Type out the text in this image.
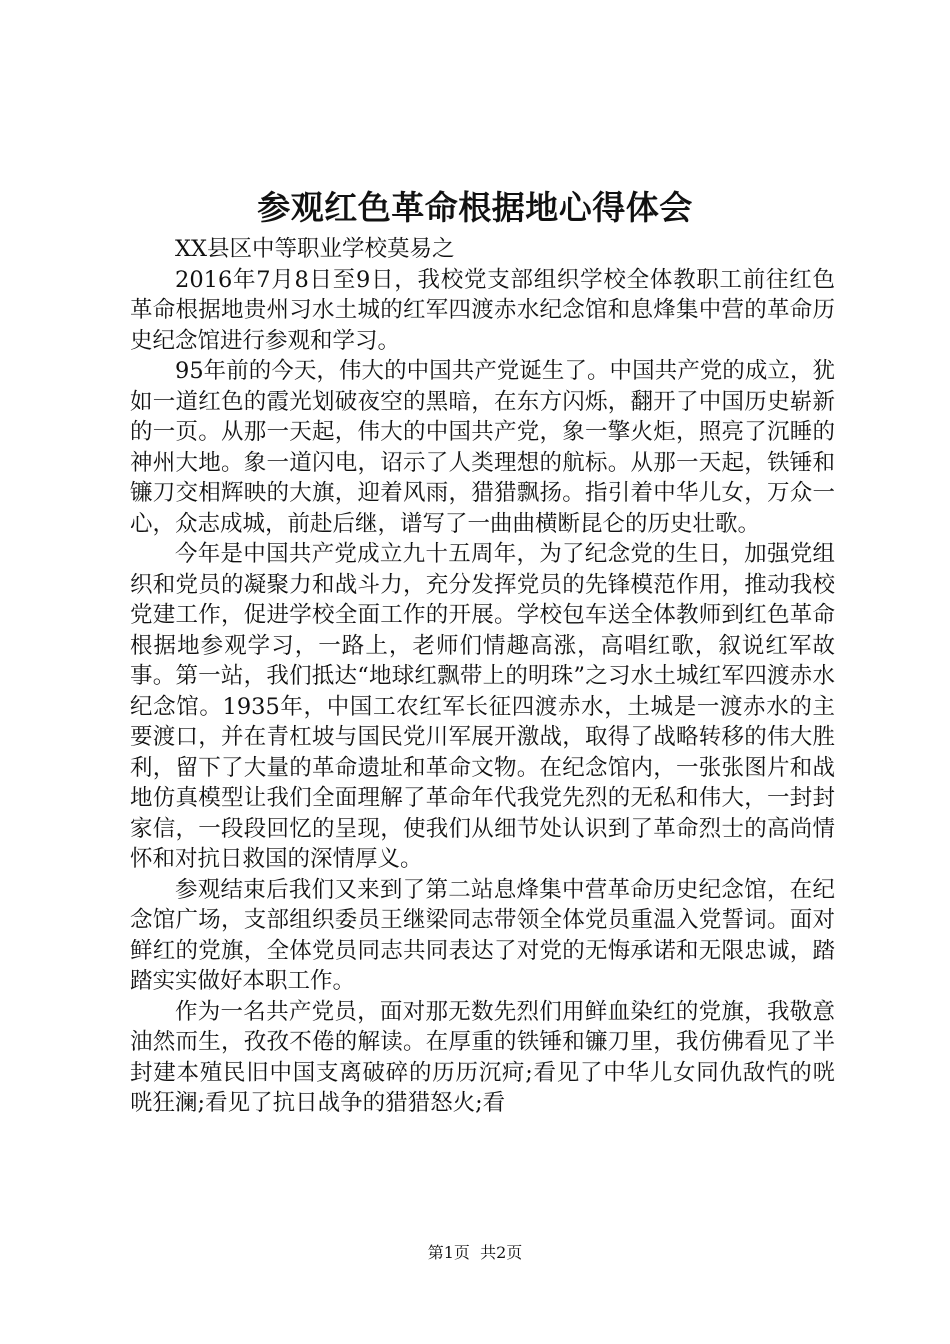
参观红色革命根据地心得体会

XX县区中等职业学校莫易之

2016年7月8日至9日，我校党支部组织学校全体教职工前往红色革命根据地贵州习水土城的红军四渡赤水纪念馆和息烽集中营的革命历史纪念馆进行参观和学习。

95年前的今天，伟大的中国共产党诞生了。中国共产党的成立，犹如一道红色的霞光划破夜空的黑暗，在东方闪烁，翻开了中国历史崭新的一页。从那一天起，伟大的中国共产党，象一擎火炬，照亮了沉睡的神州大地。象一道闪电，诏示了人类理想的航标。从那一天起，铁锤和镰刀交相辉映的大旗，迎着风雨，猎猎飘扬。指引着中华儿女，万众一心，众志成城，前赴后继，谱写了一曲曲横断昆仑的历史壮歌。

今年是中国共产党成立九十五周年，为了纪念党的生日，加强党组织和党员的凝聚力和战斗力，充分发挥党员的先锋模范作用，推动我校党建工作，促进学校全面工作的开展。学校包车送全体教师到红色革命根据地参观学习，一路上，老师们情趣高涨，高唱红歌，叙说红军故事。第一站，我们抵达“地球红飘带上的明珠”之习水土城红军四渡赤水纪念馆。1935年，中国工农红军长征四渡赤水，土城是一渡赤水的主要渡口，并在青杠坡与国民党川军展开激战，取得了战略转移的伟大胜利，留下了大量的革命遗址和革命文物。在纪念馆内，一张张图片和战地仿真模型让我们全面理解了革命年代我党先烈的无私和伟大，一封封家信，一段段回忆的呈现，使我们从细节处认识到了革命烈士的高尚情怀和对抗日救国的深情厚义。

参观结束后我们又来到了第二站息烽集中营革命历史纪念馆，在纪念馆广场，支部组织委员王继梁同志带领全体党员重温入党誓词。面对鲜红的党旗，全体党员同志共同表达了对党的无悔承诺和无限忠诚，踏踏实实做好本职工作。

作为一名共产党员，面对那无数先烈们用鲜血染红的党旗，我敬意油然而生，孜孜不倦的解读。在厚重的铁锤和镰刀里，我仿佛看见了半封建本殖民旧中国支离破碎的历历沉疴;看见了中华儿女同仇敌忾的咣咣狂澜;看见了抗日战争的猎猎怒火;看

第1页 共2页
